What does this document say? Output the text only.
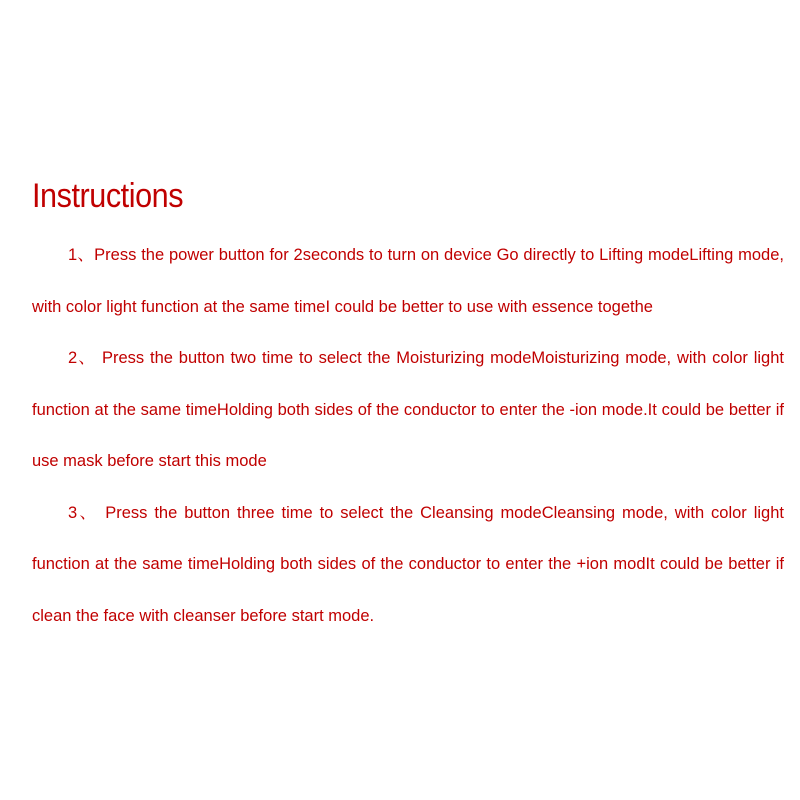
Instructions

1、Press the power button for 2seconds to turn on device Go directly to Lifting modeLifting mode, with color light function at the same timeI could be better to use with essence togethe

2、 Press the button two time to select the Moisturizing modeMoisturizing mode, with color light function at the same timeHolding both sides of the conductor to enter the -ion mode.It could be better if use mask before start this mode

3、 Press the button three time to select the Cleansing modeCleansing mode, with color light function at the same timeHolding both sides of the conductor to enter the +ion modIt could be better if clean the face with cleanser before start mode.
